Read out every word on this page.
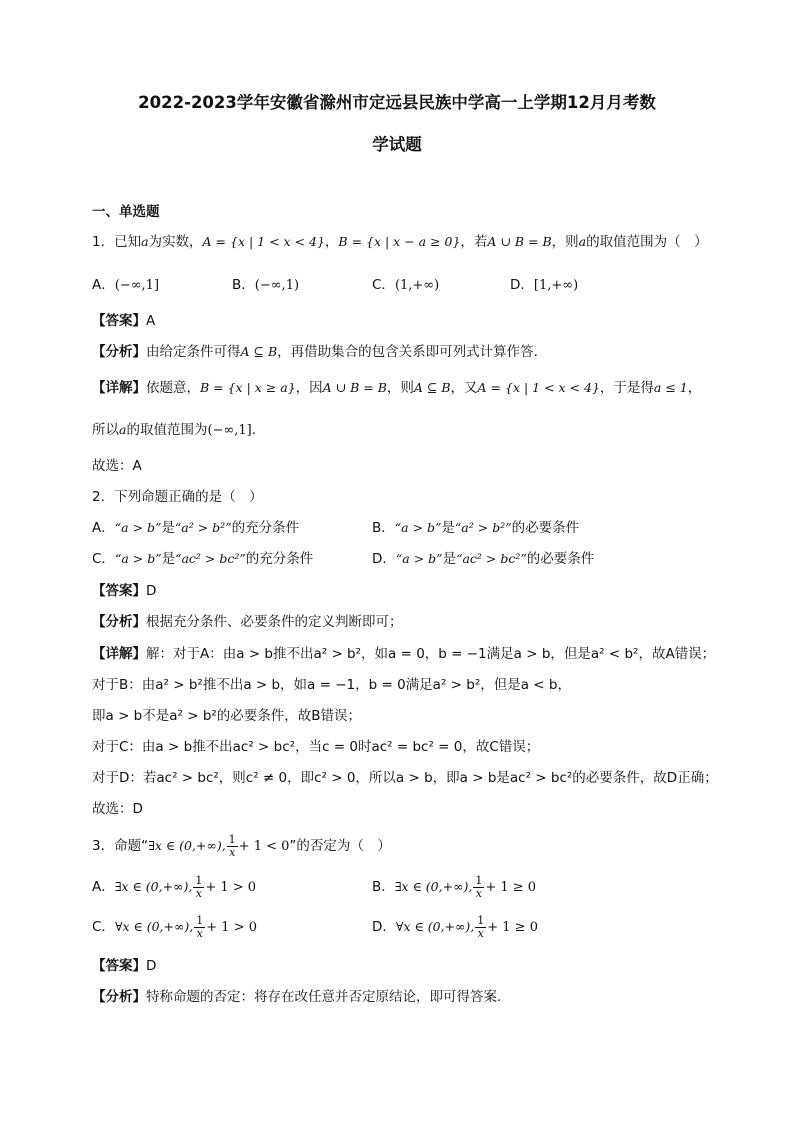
2022-2023学年安徽省滁州市定远县民族中学高一上学期12月月考数
学试题
一、单选题
1．已知a为实数，A = {x | 1 < x < 4}，B = {x | x − a ≥ 0}，若A ∪ B = B，则a的取值范围为（　）
A．(−∞,1]	B．(−∞,1)	C．(1,+∞)	D．[1,+∞)
【答案】A
【分析】由给定条件可得A ⊆ B，再借助集合的包含关系即可列式计算作答.
【详解】依题意，B = {x | x ≥ a}，因A ∪ B = B，则A ⊆ B，又A = {x | 1 < x < 4}，于是得a ≤ 1，
所以a的取值范围为(−∞,1].
故选：A
2．下列命题正确的是（　）
A．“a > b”是“a² > b²”的充分条件	B．“a > b”是“a² > b²”的必要条件
C．“a > b”是“ac² > bc²”的充分条件	D．“a > b”是“ac² > bc²”的必要条件
【答案】D
【分析】根据充分条件、必要条件的定义判断即可；
【详解】解：对于A：由a > b推不出a² > b²，如a = 0，b = −1满足a > b，但是a² < b²，故A错误；
对于B：由a² > b²推不出a > b，如a = −1，b = 0满足a² > b²，但是a < b，
即a > b不是a² > b²的必要条件，故B错误；
对于C：由a > b推不出ac² > bc²，当c = 0时ac² = bc² = 0，故C错误；
对于D：若ac² > bc²，则c² ≠ 0，即c² > 0，所以a > b，即a > b是ac² > bc²的必要条件，故D正确；
故选：D
3．命题“∃x ∈ (0,+∞), $\frac{1}{x} + 1 < 0$”的否定为（　）
A．∃x ∈ (0,+∞), $\frac{1}{x} + 1 > 0$	B．∃x ∈ (0,+∞), $\frac{1}{x} + 1 \ge 0$
C．∀x ∈ (0,+∞), $\frac{1}{x} + 1 > 0$	D．∀x ∈ (0,+∞), $\frac{1}{x} + 1 \ge 0$
【答案】D
【分析】特称命题的否定：将存在改任意并否定原结论，即可得答案.
